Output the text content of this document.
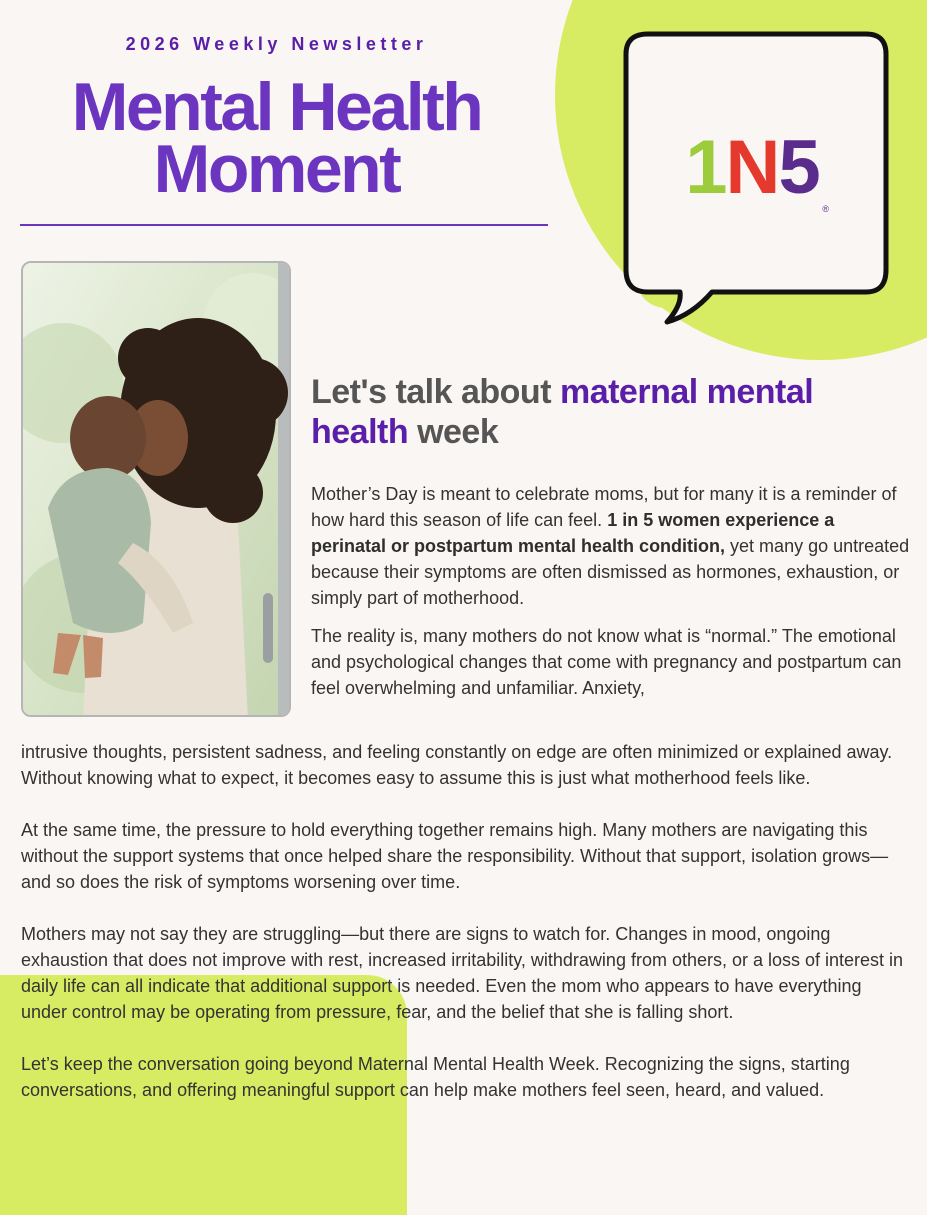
1N5 ®
2026 Weekly Newsletter
Mental Health
Moment
Let's talk about maternal mental health week

Mother’s Day is meant to celebrate moms, but for many it is a reminder of how hard this season of life can feel. 1 in 5 women experience a perinatal or postpartum mental health condition, yet many go untreated because their symptoms are often dismissed as hormones, exhaustion, or simply part of motherhood.

The reality is, many mothers do not know what is “normal.” The emotional and psychological changes that come with pregnancy and postpartum can feel overwhelming and unfamiliar. Anxiety,

intrusive thoughts, persistent sadness, and feeling constantly on edge are often minimized or explained away. Without knowing what to expect, it becomes easy to assume this is just what motherhood feels like.

At the same time, the pressure to hold everything together remains high. Many mothers are navigating this without the support systems that once helped share the responsibility. Without that support, isolation grows—and so does the risk of symptoms worsening over time.

Mothers may not say they are struggling—but there are signs to watch for. Changes in mood, ongoing exhaustion that does not improve with rest, increased irritability, withdrawing from others, or a loss of interest in daily life can all indicate that additional support is needed. Even the mom who appears to have everything under control may be operating from pressure, fear, and the belief that she is falling short.

Let’s keep the conversation going beyond Maternal Mental Health Week. Recognizing the signs, starting conversations, and offering meaningful support can help make mothers feel seen, heard, and valued.
